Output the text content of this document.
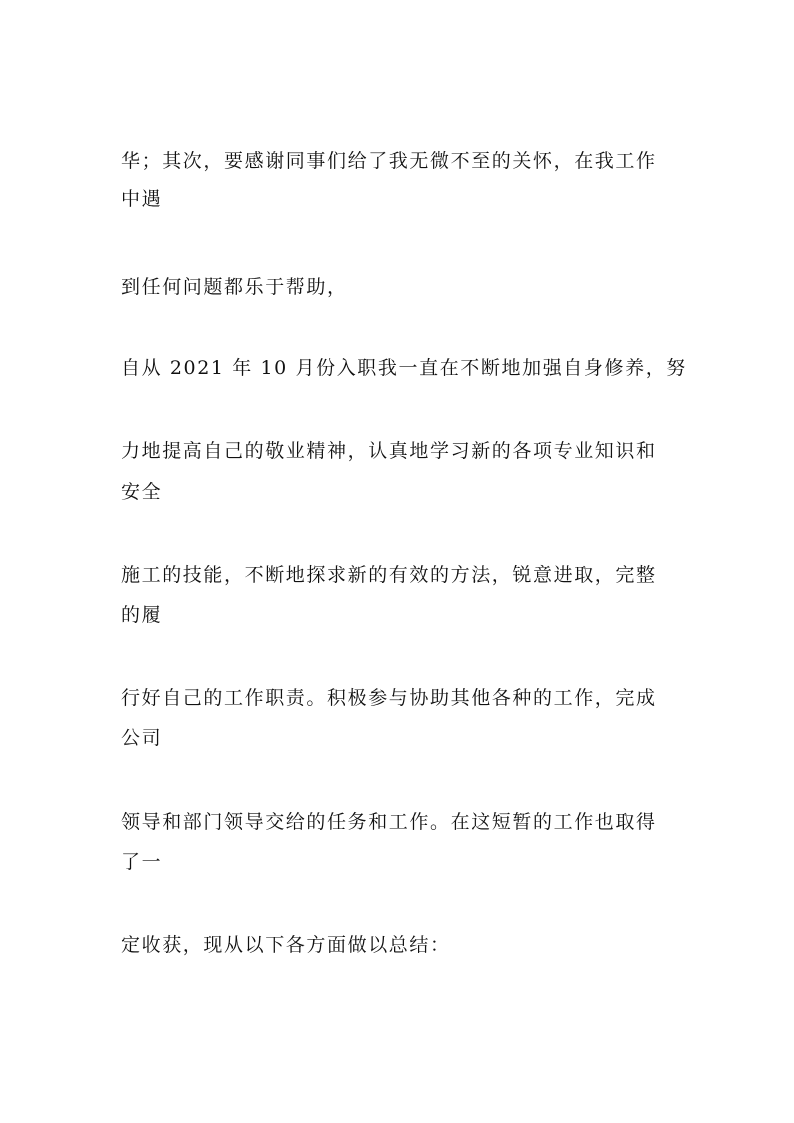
华；其次，要感谢同事们给了我无微不至的关怀，在我工作
中遇
到任何问题都乐于帮助，
自从 2021 年 10 月份入职我一直在不断地加强自身修养，努
力地提高自己的敬业精神，认真地学习新的各项专业知识和
安全
施工的技能，不断地探求新的有效的方法，锐意进取，完整
的履
行好自己的工作职责。积极参与协助其他各种的工作，完成
公司
领导和部门领导交给的任务和工作。在这短暂的工作也取得
了一
定收获，现从以下各方面做以总结：
